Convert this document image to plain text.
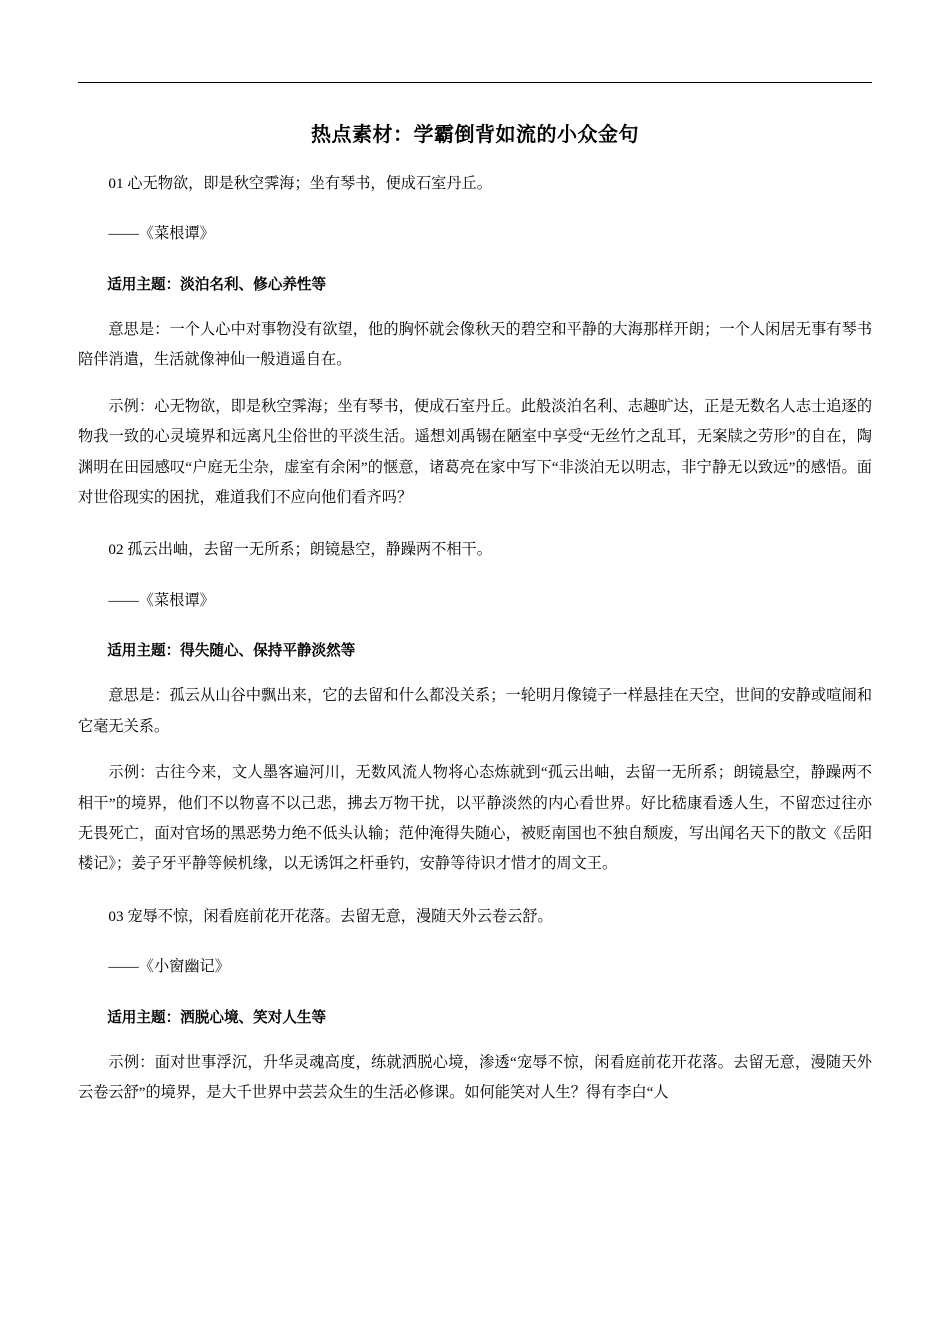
热点素材：学霸倒背如流的小众金句

01 心无物欲，即是秋空霁海；坐有琴书，便成石室丹丘。

——《菜根谭》

适用主题：淡泊名利、修心养性等

意思是：一个人心中对事物没有欲望，他的胸怀就会像秋天的碧空和平静的大海那样开朗；一个人闲居无事有琴书陪伴消遣，生活就像神仙一般逍遥自在。

示例：心无物欲，即是秋空霁海；坐有琴书，便成石室丹丘。此般淡泊名利、志趣旷达，正是无数名人志士追逐的物我一致的心灵境界和远离凡尘俗世的平淡生活。遥想刘禹锡在陋室中享受“无丝竹之乱耳，无案牍之劳形”的自在，陶渊明在田园感叹“户庭无尘杂，虚室有余闲”的惬意，诸葛亮在家中写下“非淡泊无以明志，非宁静无以致远”的感悟。面对世俗现实的困扰，难道我们不应向他们看齐吗？

02 孤云出岫，去留一无所系；朗镜悬空，静躁两不相干。

——《菜根谭》

适用主题：得失随心、保持平静淡然等

意思是：孤云从山谷中飘出来，它的去留和什么都没关系；一轮明月像镜子一样悬挂在天空，世间的安静或喧闹和它毫无关系。

示例：古往今来，文人墨客遍河川，无数风流人物将心态炼就到“孤云出岫，去留一无所系；朗镜悬空，静躁两不相干”的境界，他们不以物喜不以己悲，拂去万物干扰，以平静淡然的内心看世界。好比嵇康看透人生，不留恋过往亦无畏死亡，面对官场的黑恶势力绝不低头认输；范仲淹得失随心，被贬南国也不独自颓废，写出闻名天下的散文《岳阳楼记》；姜子牙平静等候机缘，以无诱饵之杆垂钓，安静等待识才惜才的周文王。

03 宠辱不惊，闲看庭前花开花落。去留无意，漫随天外云卷云舒。

——《小窗幽记》

适用主题：洒脱心境、笑对人生等

示例：面对世事浮沉，升华灵魂高度，练就洒脱心境，渗透“宠辱不惊，闲看庭前花开花落。去留无意，漫随天外云卷云舒”的境界，是大千世界中芸芸众生的生活必修课。如何能笑对人生？得有李白“人
